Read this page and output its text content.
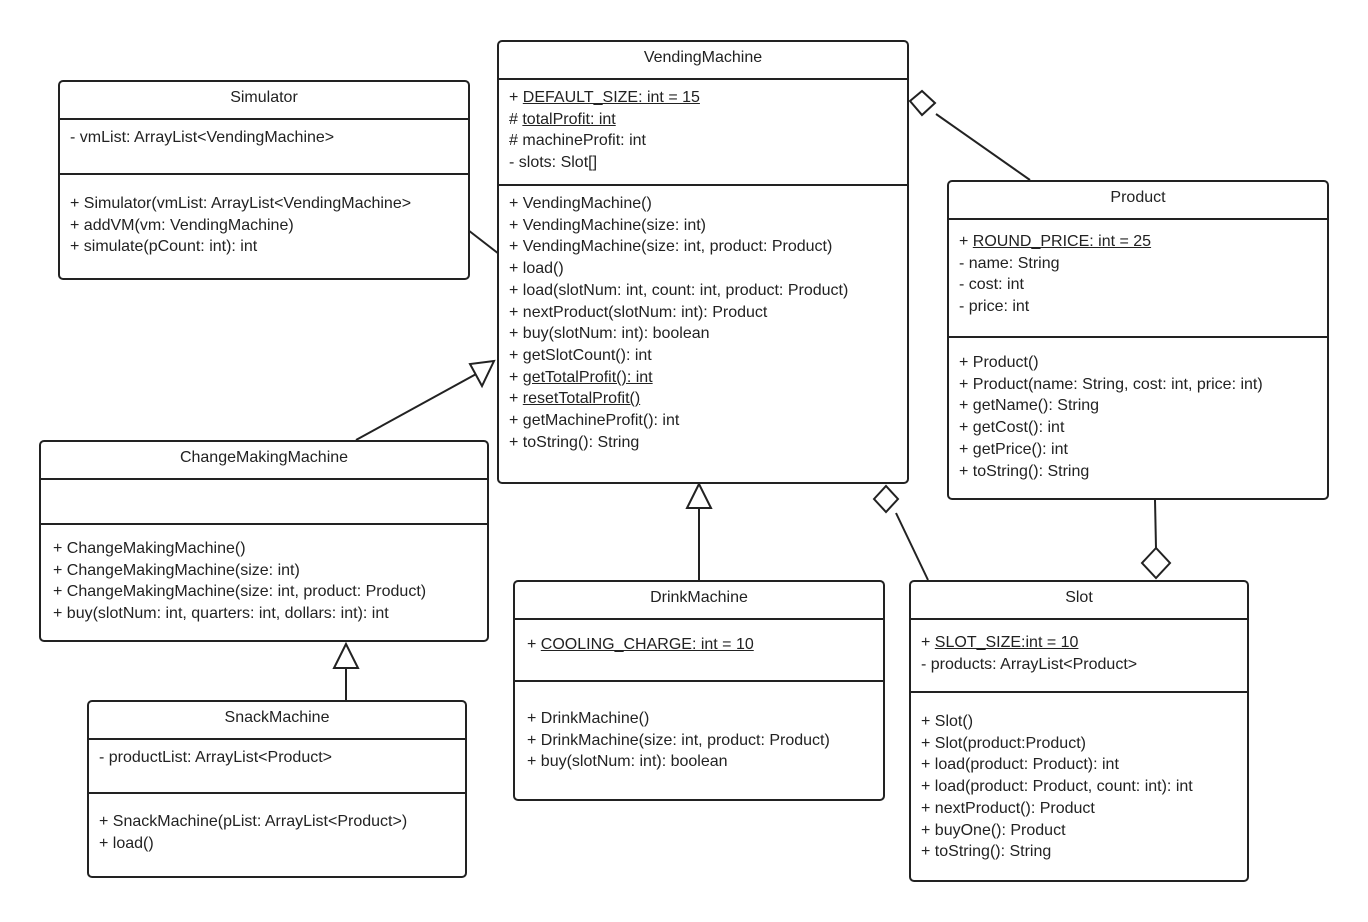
VendingMachine
+ DEFAULT_SIZE: int = 15
# totalProfit: int
# machineProfit: int
- slots: Slot[]
+ VendingMachine()
+ VendingMachine(size: int)
+ VendingMachine(size: int, product: Product)
+ load()
+ load(slotNum: int, count: int, product: Product)
+ nextProduct(slotNum: int): Product
+ buy(slotNum: int): boolean
+ getSlotCount(): int
+ getTotalProfit(): int
+ resetTotalProfit()
+ getMachineProfit(): int
+ toString(): String
Simulator
- vmList: ArrayList<VendingMachine>
+ Simulator(vmList: ArrayList<VendingMachine>
+ addVM(vm: VendingMachine)
+ simulate(pCount: int): int
Product
+ ROUND_PRICE: int = 25
- name: String
- cost: int
- price: int
+ Product()
+ Product(name: String, cost: int, price: int)
+ getName(): String
+ getCost(): int
+ getPrice(): int
+ toString(): String
ChangeMakingMachine
+ ChangeMakingMachine()
+ ChangeMakingMachine(size: int)
+ ChangeMakingMachine(size: int, product: Product)
+ buy(slotNum: int, quarters: int, dollars: int): int
SnackMachine
- productList: ArrayList<Product>
+ SnackMachine(pList: ArrayList<Product>)
+ load()
DrinkMachine
+ COOLING_CHARGE: int = 10
+ DrinkMachine()
+ DrinkMachine(size: int, product: Product)
+ buy(slotNum: int): boolean
Slot
+ SLOT_SIZE:int = 10
- products: ArrayList<Product>
+ Slot()
+ Slot(product:Product)
+ load(product: Product): int
+ load(product: Product, count: int): int
+ nextProduct(): Product
+ buyOne(): Product
+ toString(): String
